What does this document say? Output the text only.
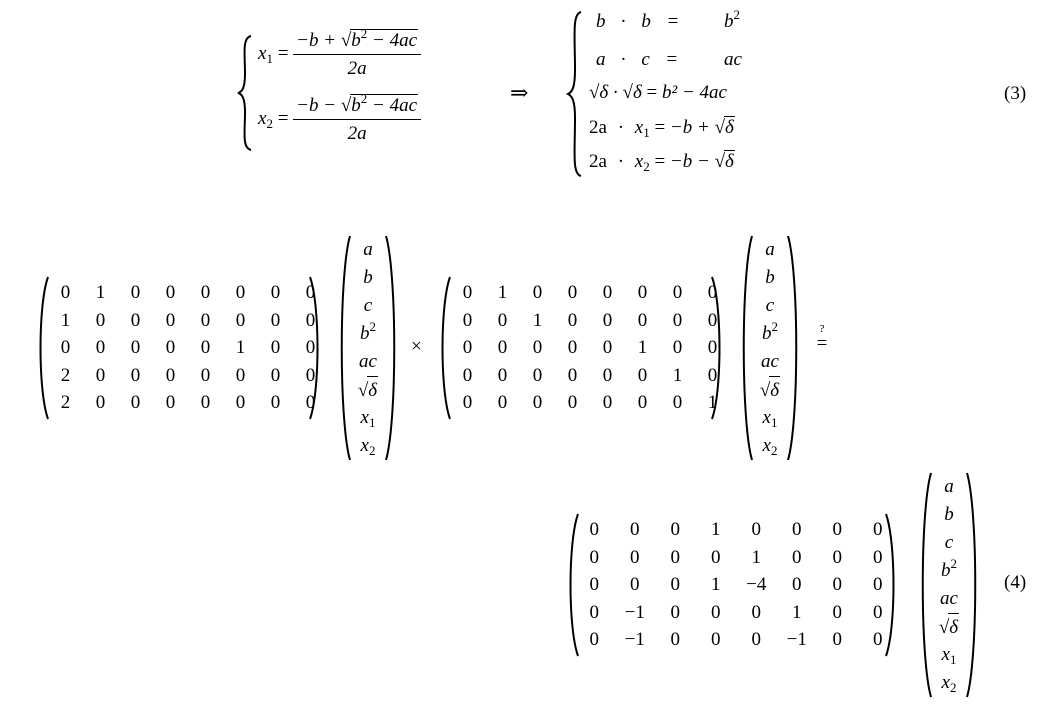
$x_1 = \frac{-b + √b^2 - 4ac}{2a}$
$x_2 = \frac{-b - √b^2 - 4ac}{2a}$
⇒
b · b =	$b^2$
a · c =	ac
√δ · √δ = b² − 4ac
$2a \cdot x_1 = -b + √\delta$
$2a \cdot x_2 = -b - √\delta$
(3)
0	1	0	0	0	0	0	0
1	0	0	0	0	0	0	0
0	0	0	0	0	1	0	0
2	0	0	0	0	0	0	0
2	0	0	0	0	0	0	0
a
b
c
$b^2$
ac
√δ
$x_1$
$x_2$
×
0	1	0	0	0	0	0	0
0	0	1	0	0	0	0	0
0	0	0	0	0	1	0	0
0	0	0	0	0	0	1	0
0	0	0	0	0	0	0	1
a
b
c
$b^2$
ac
√δ
$x_1$
$x_2$
?
=
0	0	0	1	0	0	0	0
0	0	0	0	1	0	0	0
0	0	0	1	−4	0	0	0
0	−1	0	0	0	1	0	0
0	−1	0	0	0	−1	0	0
a
b
c
$b^2$
ac
√δ
$x_1$
$x_2$
(4)
